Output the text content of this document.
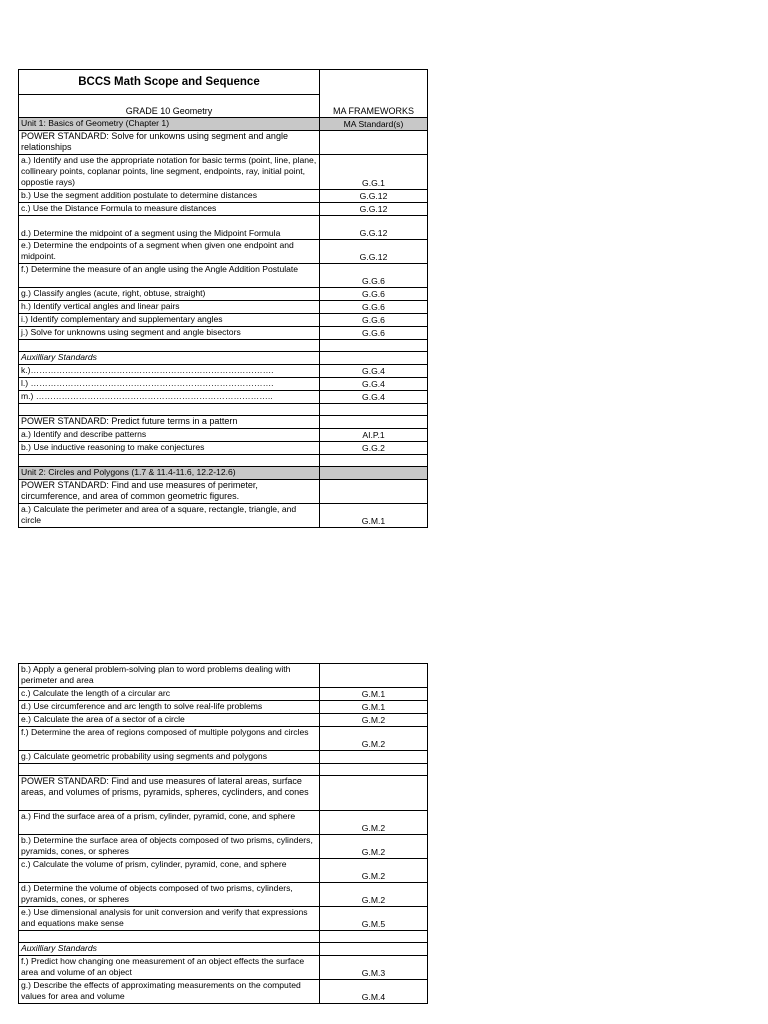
BCCS Math Scope and Sequence	
GRADE 10 Geometry	MA FRAMEWORKS
Unit 1: Basics of Geometry (Chapter 1)	MA Standard(s)
POWER STANDARD: Solve for unkowns using segment and angle relationships	
a.) Identify and use the appropriate notation for basic terms (point, line, plane, collineary points, coplanar points, line segment, endpoints, ray, initial point, oppostie rays)	G.G.1
b.) Use the segment addition postulate to determine distances	G.G.12
c.) Use the Distance Formula to measure distances	G.G.12
d.) Determine the midpoint of a segment using the Midpoint Formula	G.G.12
e.) Determine the endpoints of a segment when given one endpoint and midpoint.	G.G.12
f.) Determine the measure of an angle using the Angle Addition Postulate	G.G.6
g.) Classify angles (acute, right, obtuse, straight)	G.G.6
h.) Identify vertical angles and linear pairs	G.G.6
i.) Identify complementary and supplementary angles	G.G.6
j.) Solve for unknowns using segment and angle bisectors	G.G.6

Auxilliary Standards	
k.)………………………………………………………………………….	G.G.4
l.) ………………………………………………………………………….	G.G.4
m.) ………………………………………………………………………..	G.G.4

POWER STANDARD: Predict future terms in a pattern	
a.) Identify and describe patterns	AI.P.1
b.) Use inductive reasoning to make conjectures	G.G.2

Unit 2: Circles and Polygons (1.7 & 11.4-11.6, 12.2-12.6)	
POWER STANDARD: Find and use measures of perimeter, circumference, and area of common geometric figures.	
a.) Calculate the perimeter and area of a square, rectangle, triangle, and circle	G.M.1
b.) Apply a general problem-solving plan to word problems dealing with perimeter and area	
c.) Calculate the length of a circular arc	G.M.1
d.) Use circumference and arc length to solve real-life problems	G.M.1
e.) Calculate the area of a sector of a circle	G.M.2
f.) Determine the area of regions composed of multiple polygons and circles	G.M.2
g.) Calculate geometric probability using segments and polygons	

POWER STANDARD: Find and use measures of lateral areas, surface areas, and volumes of prisms, pyramids, spheres, cyclinders, and cones	
a.) Find the surface area of a prism, cylinder, pyramid, cone, and sphere	G.M.2
b.) Determine the surface area of objects composed of two prisms, cylinders, pyramids, cones, or spheres	G.M.2
c.) Calculate the volume of prism, cylinder, pyramid, cone, and sphere	G.M.2
d.) Determine the volume of objects composed of two prisms, cylinders, pyramids, cones, or spheres	G.M.2
e.) Use dimensional analysis for unit conversion and verify that expressions and equations make sense	G.M.5

Auxilliary Standards	
f.) Predict how changing one measurement of an object effects the surface area and volume of an object	G.M.3
g.) Describe the effects of approximating measurements on the computed values for area and volume	G.M.4
